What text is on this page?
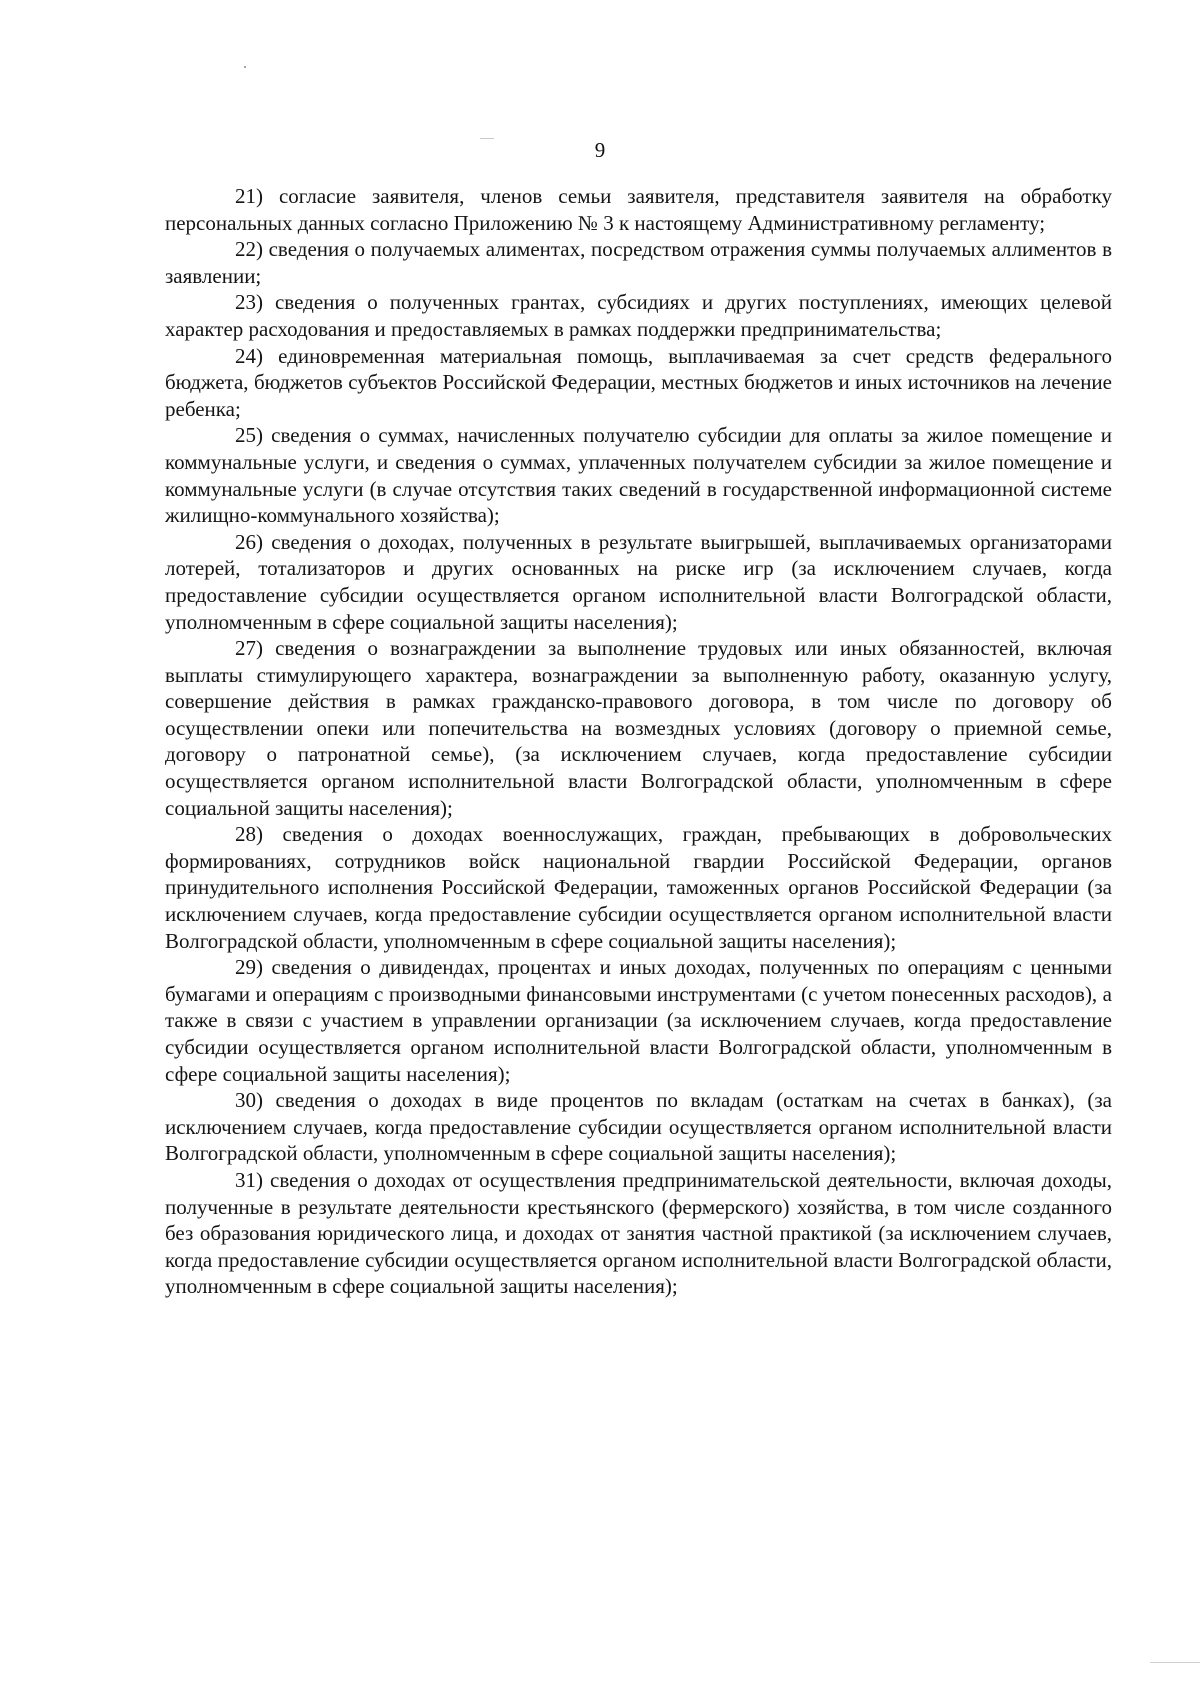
9

21) согласие заявителя, членов семьи заявителя, представителя заявителя на обработку персональных данных согласно Приложению № 3 к настоящему Административному регламенту;

22) сведения о получаемых алиментах, посредством отражения суммы получаемых аллиментов в заявлении;

23) сведения о полученных грантах, субсидиях и других поступлениях, имеющих целевой характер расходования и предоставляемых в рамках поддержки предпринимательства;

24) единовременная материальная помощь, выплачиваемая за счет средств федерального бюджета, бюджетов субъектов Российской Федерации, местных бюджетов и иных источников на лечение ребенка;

25) сведения о суммах, начисленных получателю субсидии для оплаты за жилое помещение и коммунальные услуги, и сведения о суммах, уплаченных получателем субсидии за жилое помещение и коммунальные услуги (в случае отсутствия таких сведений в государственной информационной системе жилищно-коммунального хозяйства);

26) сведения о доходах, полученных в результате выигрышей, выплачиваемых организаторами лотерей, тотализаторов и других основанных на риске игр (за исключением случаев, когда предоставление субсидии осуществляется органом исполнительной власти Волгоградской области, уполномченным в сфере социальной защиты населения);

27) сведения о вознаграждении за выполнение трудовых или иных обязанностей, включая выплаты стимулирующего характера, вознаграждении за выполненную работу, оказанную услугу, совершение действия в рамках гражданско-правового договора, в том числе по договору об осуществлении опеки или попечительства на возмездных условиях (договору о приемной семье, договору о патронатной семье), (за исключением случаев, когда предоставление субсидии осуществляется органом исполнительной власти Волгоградской области, уполномченным в сфере социальной защиты населения);

28) сведения о доходах военнослужащих, граждан, пребывающих в добровольческих формированиях, сотрудников войск национальной гвардии Российской Федерации, органов принудительного исполнения Российской Федерации, таможенных органов Российской Федерации (за исключением случаев, когда предоставление субсидии осуществляется органом исполнительной власти Волгоградской области, уполномченным в сфере социальной защиты населения);

29) сведения о дивидендах, процентах и иных доходах, полученных по операциям с ценными бумагами и операциям с производными финансовыми инструментами (с учетом понесенных расходов), а также в связи с участием в управлении организации (за исключением случаев, когда предоставление субсидии осуществляется органом исполнительной власти Волгоградской области, уполномченным в сфере социальной защиты населения);

30) сведения о доходах в виде процентов по вкладам (остаткам на счетах в банках), (за исключением случаев, когда предоставление субсидии осуществляется органом исполнительной власти Волгоградской области, уполномченным в сфере социальной защиты населения);

31) сведения о доходах от осуществления предпринимательской деятельности, включая доходы, полученные в результате деятельности крестьянского (фермерского) хозяйства, в том числе созданного без образования юридического лица, и доходах от занятия частной практикой (за исключением случаев, когда предоставление субсидии осуществляется органом исполнительной власти Волгоградской области, уполномченным в сфере социальной защиты населения);
